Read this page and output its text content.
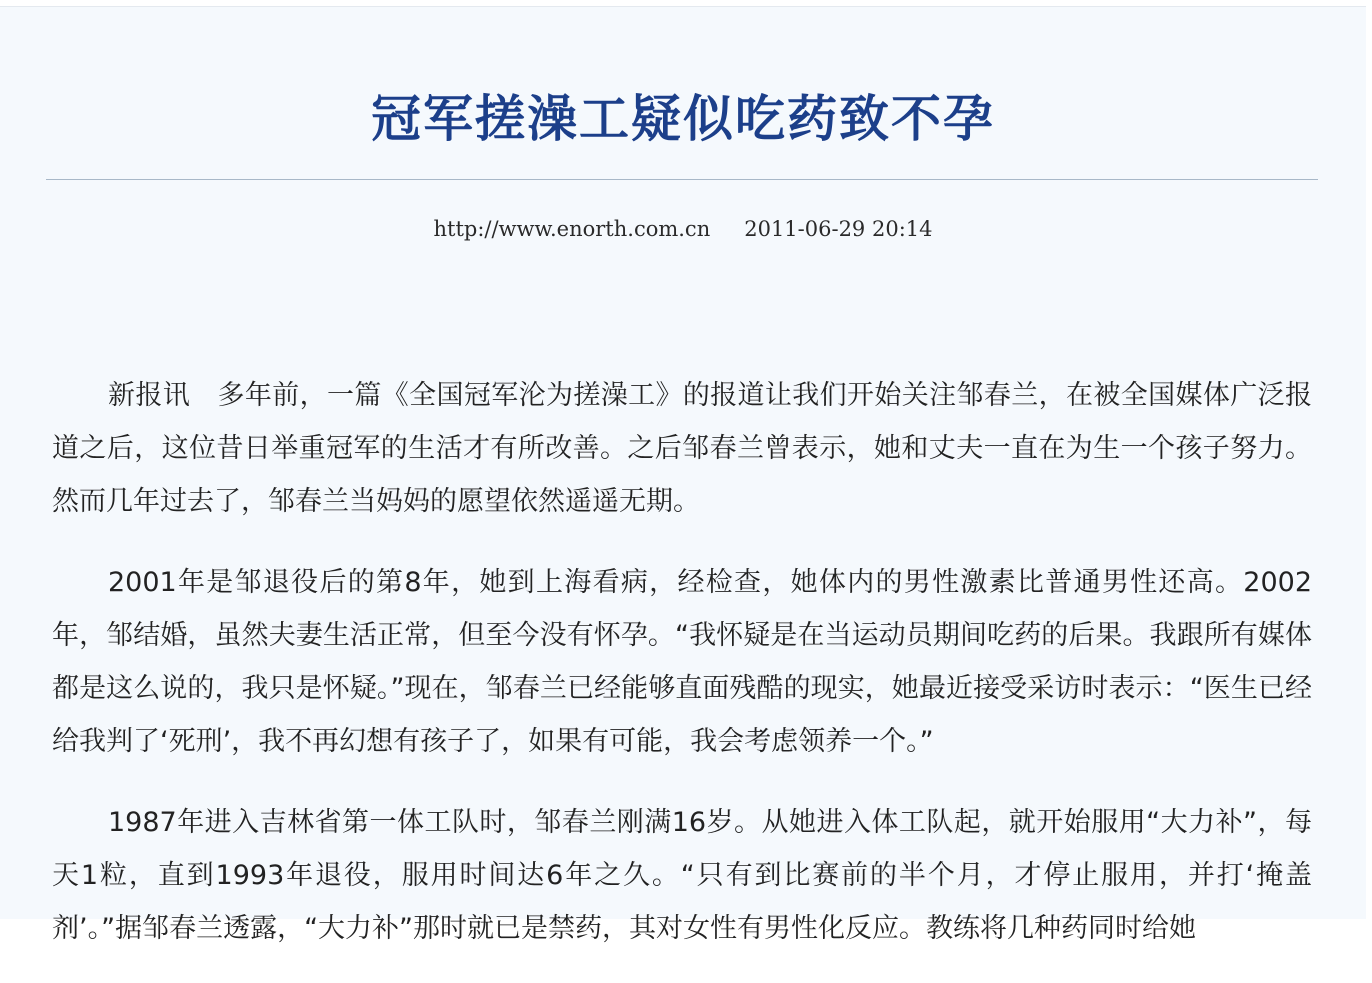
冠军搓澡工疑似吃药致不孕
http://www.enorth.com.cn 2011-06-29 20:14

新报讯　多年前，一篇《全国冠军沦为搓澡工》的报道让我们开始关注邹春兰，在被全国媒体广泛报道之后，这位昔日举重冠军的生活才有所改善。之后邹春兰曾表示，她和丈夫一直在为生一个孩子努力。然而几年过去了，邹春兰当妈妈的愿望依然遥遥无期。

2001年是邹退役后的第8年，她到上海看病，经检查，她体内的男性激素比普通男性还高。2002年，邹结婚，虽然夫妻生活正常，但至今没有怀孕。“我怀疑是在当运动员期间吃药的后果。我跟所有媒体都是这么说的，我只是怀疑。”现在，邹春兰已经能够直面残酷的现实，她最近接受采访时表示：“医生已经给我判了‘死刑’，我不再幻想有孩子了，如果有可能，我会考虑领养一个。”

1987年进入吉林省第一体工队时，邹春兰刚满16岁。从她进入体工队起，就开始服用“大力补”，每天1粒，直到1993年退役，服用时间达6年之久。“只有到比赛前的半个月，才停止服用，并打‘掩盖剂’。”据邹春兰透露，“大力补”那时就已是禁药，其对女性有男性化反应。教练将几种药同时给她
